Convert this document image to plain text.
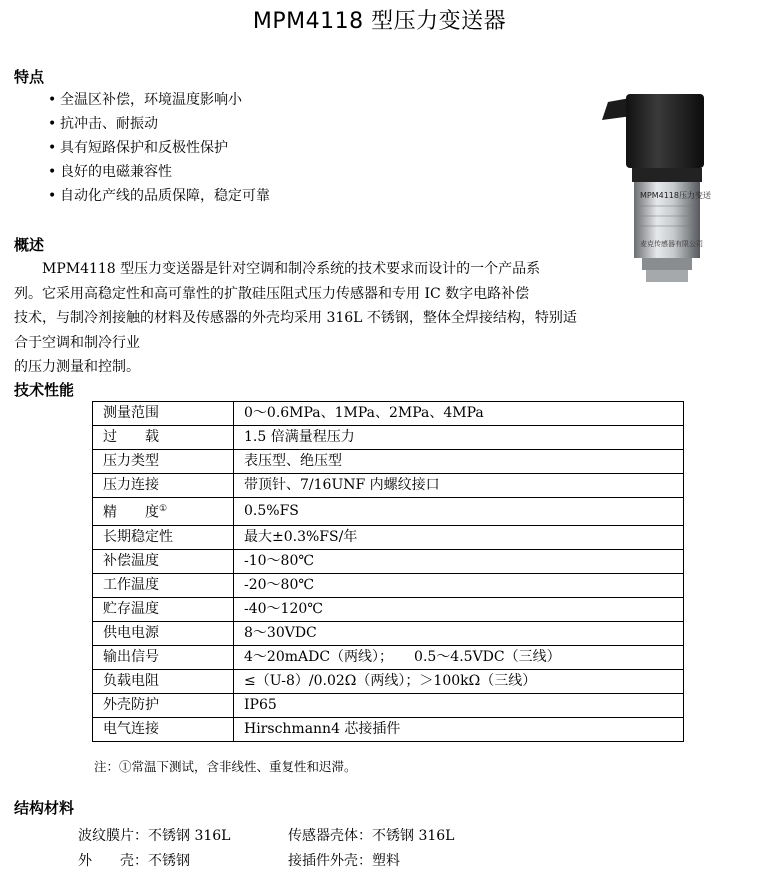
MPM4118 型压力变送器
特点
• 全温区补偿，环境温度影响小
• 抗冲击、耐振动
• 具有短路保护和反极性保护
• 良好的电磁兼容性
• 自动化产线的品质保障，稳定可靠	MPM4118压力变送
麦克传感器有限公司
概述
MPM4118 型压力变送器是针对空调和制冷系统的技术要求而设计的一个产品系
列。它采用高稳定性和高可靠性的扩散硅压阻式压力传感器和专用 IC 数字电路补偿
技术，与制冷剂接触的材料及传感器的外壳均采用 316L 不锈钢，整体全焊接结构，特别适合于空调和制冷行业
的压力测量和控制。
技术性能
测量范围	0～0.6MPa、1MPa、2MPa、4MPa
过　　载	1.5 倍满量程压力
压力类型	表压型、绝压型
压力连接	带顶针、7/16UNF 内螺纹接口
精　　度①	0.5%FS
长期稳定性	最大±0.3%FS/年
补偿温度	-10～80℃
工作温度	-20～80℃
贮存温度	-40～120℃
供电电源	8～30VDC
输出信号	4～20mADC（两线）；　　0.5～4.5VDC（三线）
负载电阻	≤（U-8）/0.02Ω（两线）；＞100kΩ（三线）
外壳防护	IP65
电气连接	Hirschmann4 芯接插件
注：①常温下测试，含非线性、重复性和迟滞。
结构材料
波纹膜片：不锈钢 316L	传感器壳体：不锈钢 316L
外　　壳：不锈钢	接插件外壳：塑料
